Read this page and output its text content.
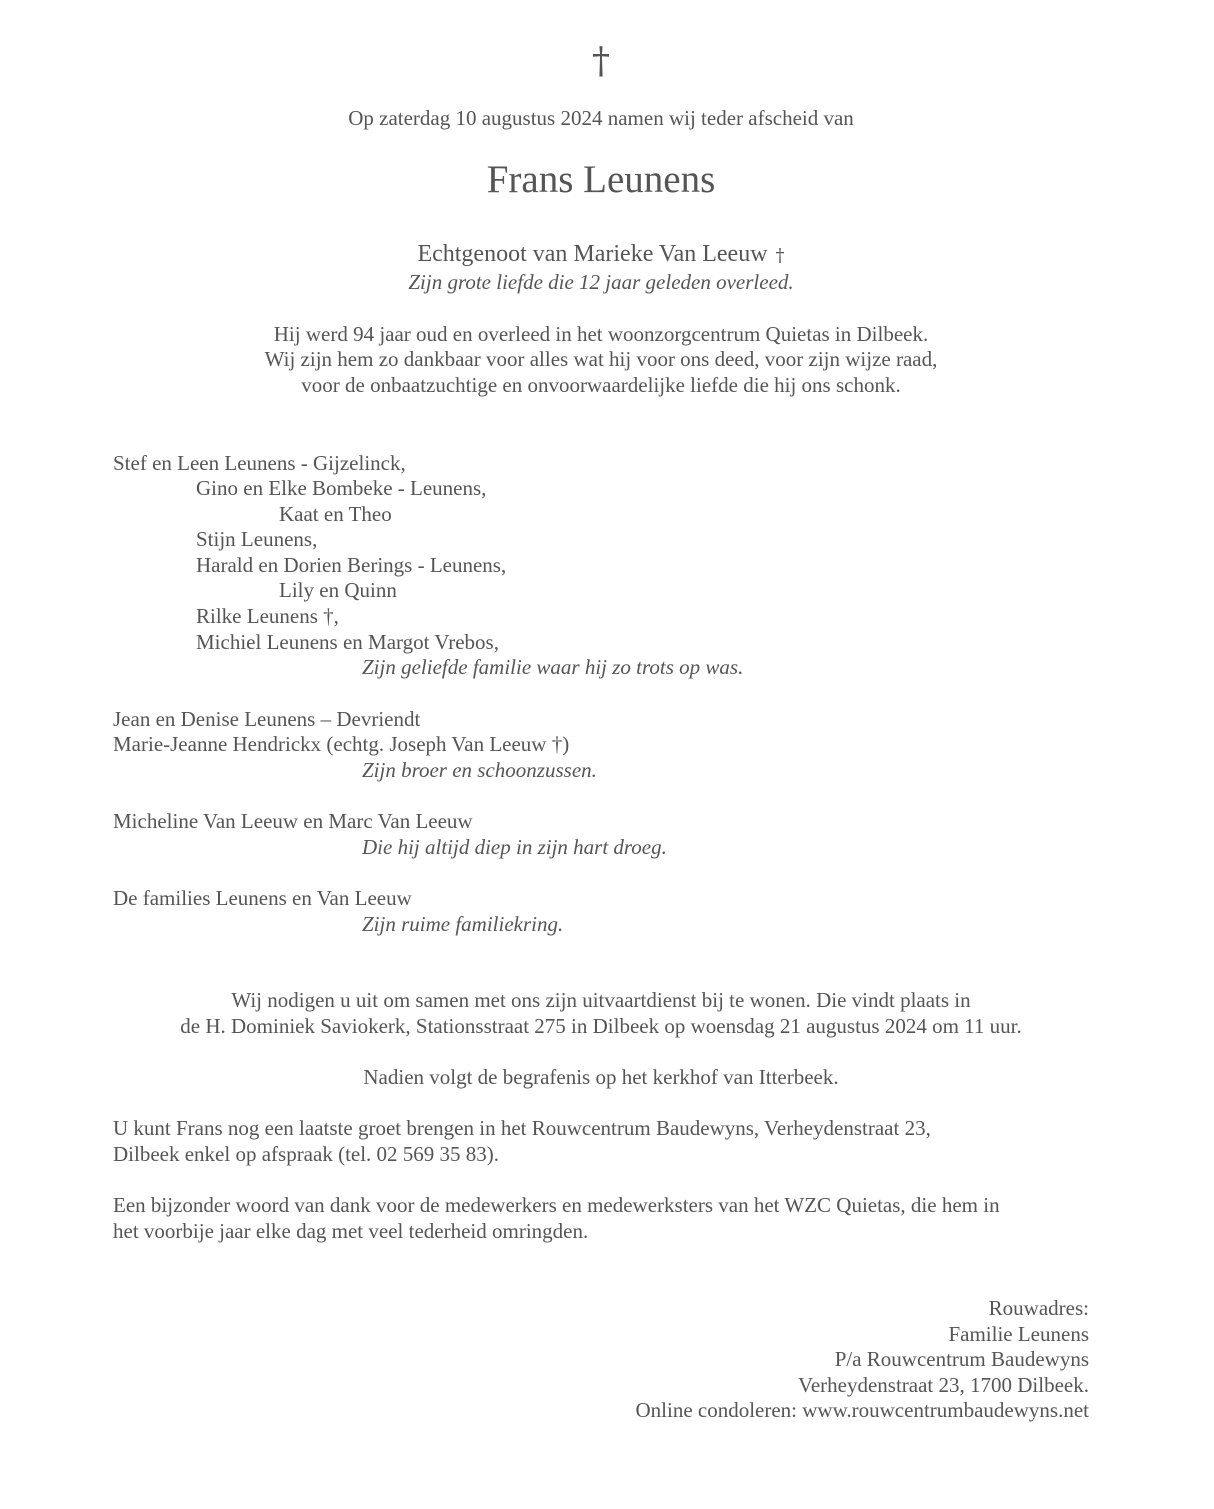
†
Op zaterdag 10 augustus 2024 namen wij teder afscheid van
Frans Leunens
Echtgenoot van Marieke Van Leeuw †
Zijn grote liefde die 12 jaar geleden overleed.
Hij werd 94 jaar oud en overleed in het woonzorgcentrum Quietas in Dilbeek.
Wij zijn hem zo dankbaar voor alles wat hij voor ons deed, voor zijn wijze raad,
voor de onbaatzuchtige en onvoorwaardelijke liefde die hij ons schonk.
Stef en Leen Leunens - Gijzelinck,
Gino en Elke Bombeke - Leunens,
Kaat en Theo
Stijn Leunens,
Harald en Dorien Berings - Leunens,
Lily en Quinn
Rilke Leunens †,
Michiel Leunens en Margot Vrebos,
Zijn geliefde familie waar hij zo trots op was.
Jean en Denise Leunens – Devriendt
Marie-Jeanne Hendrickx (echtg. Joseph Van Leeuw †)
Zijn broer en schoonzussen.
Micheline Van Leeuw en Marc Van Leeuw
Die hij altijd diep in zijn hart droeg.
De families Leunens en Van Leeuw
Zijn ruime familiekring.
Wij nodigen u uit om samen met ons zijn uitvaartdienst bij te wonen. Die vindt plaats in
de H. Dominiek Saviokerk, Stationsstraat 275 in Dilbeek op woensdag 21 augustus 2024 om 11 uur.
Nadien volgt de begrafenis op het kerkhof van Itterbeek.
U kunt Frans nog een laatste groet brengen in het Rouwcentrum Baudewyns, Verheydenstraat 23,
Dilbeek enkel op afspraak (tel. 02 569 35 83).
Een bijzonder woord van dank voor de medewerkers en medewerksters van het WZC Quietas, die hem in
het voorbije jaar elke dag met veel tederheid omringden.
Rouwadres:
Familie Leunens
P/a Rouwcentrum Baudewyns
Verheydenstraat 23, 1700 Dilbeek.
Online condoleren: www.rouwcentrumbaudewyns.net
